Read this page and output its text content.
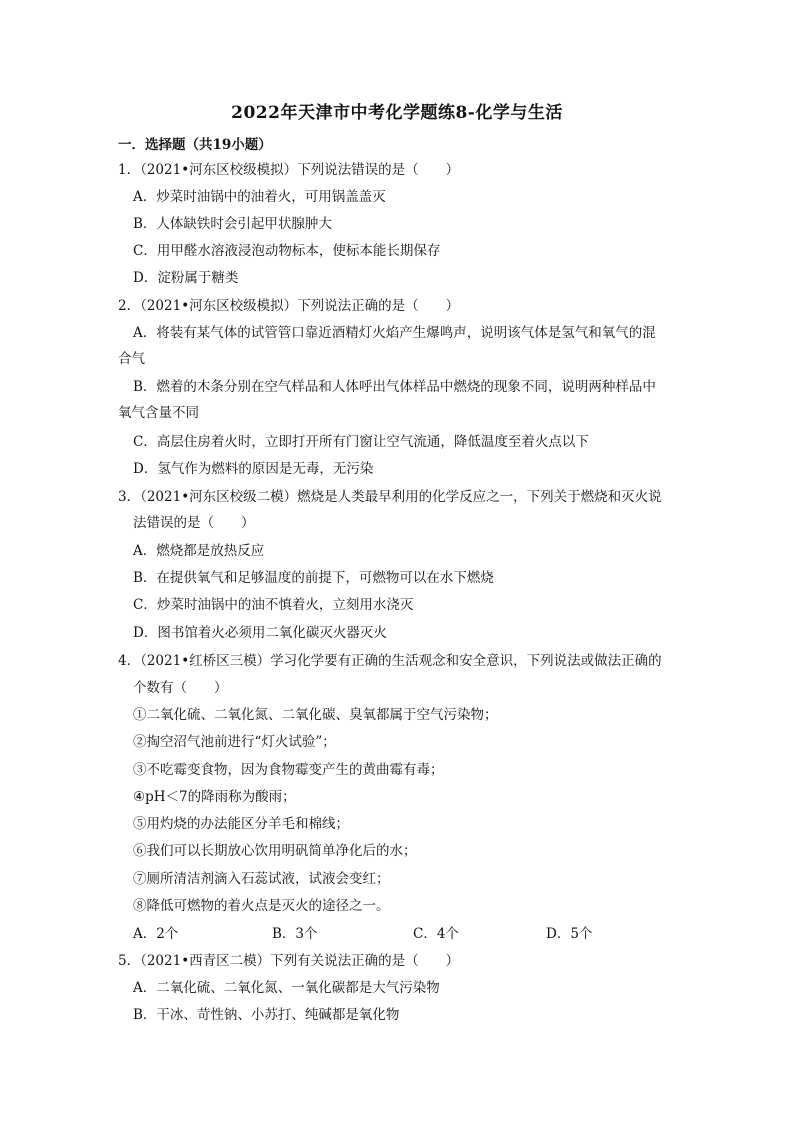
2022年天津市中考化学题练8-化学与生活
一．选择题（共19小题）
1．（2021•河东区校级模拟）下列说法错误的是（　　）
A．炒菜时油锅中的油着火，可用锅盖盖灭
B．人体缺铁时会引起甲状腺肿大
C．用甲醛水溶液浸泡动物标本，使标本能长期保存
D．淀粉属于糖类
2．（2021•河东区校级模拟）下列说法正确的是（　　）
A．将装有某气体的试管管口靠近酒精灯火焰产生爆鸣声，说明该气体是氢气和氧气的混
合气
B．燃着的木条分别在空气样品和人体呼出气体样品中燃烧的现象不同，说明两种样品中
氧气含量不同
C．高层住房着火时，立即打开所有门窗让空气流通，降低温度至着火点以下
D．氢气作为燃料的原因是无毒，无污染
3．（2021•河东区校级二模）燃烧是人类最早利用的化学反应之一，下列关于燃烧和灭火说
法错误的是（　　）
A．燃烧都是放热反应
B．在提供氧气和足够温度的前提下，可燃物可以在水下燃烧
C．炒菜时油锅中的油不慎着火，立刻用水浇灭
D．图书馆着火必须用二氧化碳灭火器灭火
4．（2021•红桥区三模）学习化学要有正确的生活观念和安全意识，下列说法或做法正确的
个数有（　　）
①二氧化硫、二氧化氮、二氧化碳、臭氧都属于空气污染物；
②掏空沼气池前进行“灯火试验”；
③不吃霉变食物，因为食物霉变产生的黄曲霉有毒；
④pH＜7的降雨称为酸雨；
⑤用灼烧的办法能区分羊毛和棉线；
⑥我们可以长期放心饮用明矾简单净化后的水；
⑦厕所清洁剂滴入石蕊试液，试液会变红；
⑧降低可燃物的着火点是灭火的途径之一。
A．2个	B．3个	C．4个	D．5个
5．（2021•西青区二模）下列有关说法正确的是（　　）
A．二氧化硫、二氧化氮、一氧化碳都是大气污染物
B．干冰、苛性钠、小苏打、纯碱都是氧化物
